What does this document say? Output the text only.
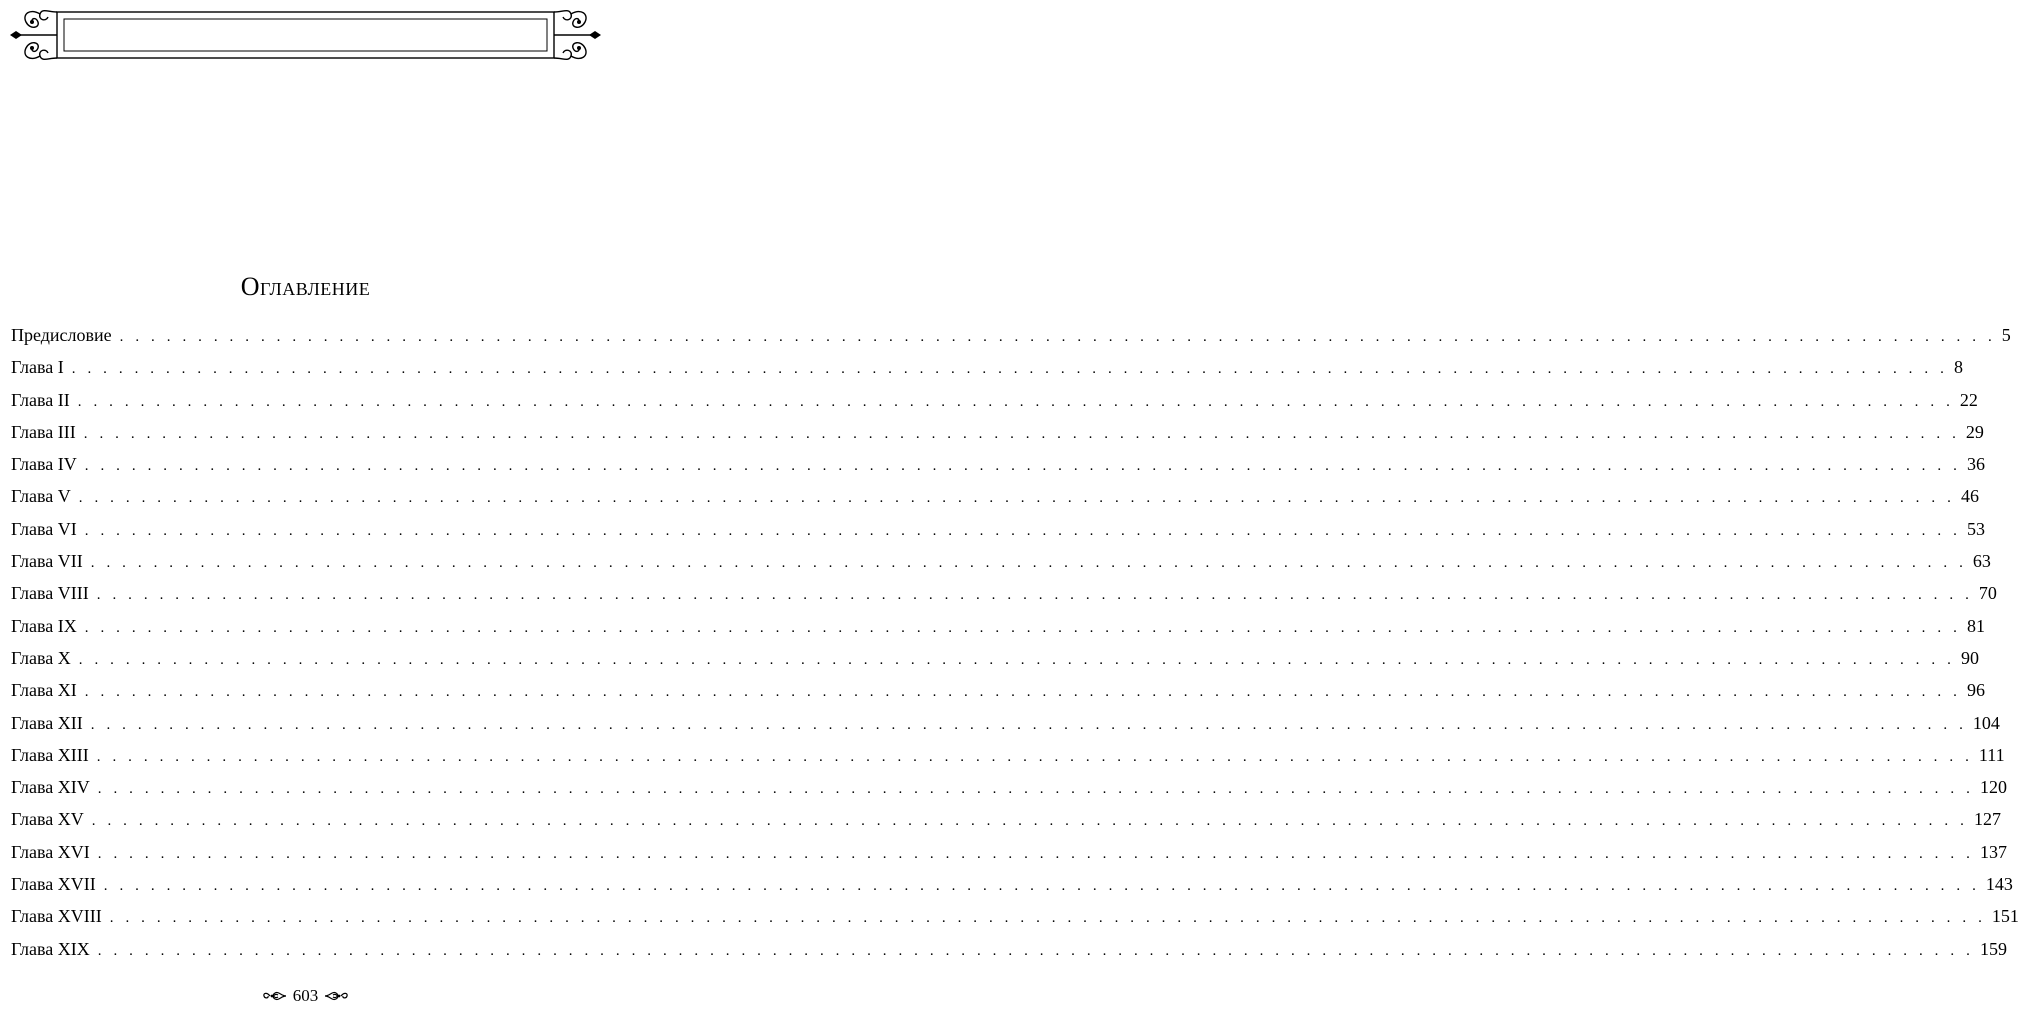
Оглавление
Предисловие . . . . . . . . . . . . . . . . . . . . . . . . . . . . . . . . . . . . . . . . . . . . . . . . . . . . . . . . . . . . . . . . . . . . . . . . . . . . . . . . . . . . . . . . . . . . . . . . . . . . . . . . . . . . . . . . . . . . . . . . 5
Глава I . . . . . . . . . . . . . . . . . . . . . . . . . . . . . . . . . . . . . . . . . . . . . . . . . . . . . . . . . . . . . . . . . . . . . . . . . . . . . . . . . . . . . . . . . . . . . . . . . . . . . . . . . . . . . . . . . . . . . . . . 8
Глава II . . . . . . . . . . . . . . . . . . . . . . . . . . . . . . . . . . . . . . . . . . . . . . . . . . . . . . . . . . . . . . . . . . . . . . . . . . . . . . . . . . . . . . . . . . . . . . . . . . . . . . . . . . . . . . . . . . . . . . . . 22
Глава III . . . . . . . . . . . . . . . . . . . . . . . . . . . . . . . . . . . . . . . . . . . . . . . . . . . . . . . . . . . . . . . . . . . . . . . . . . . . . . . . . . . . . . . . . . . . . . . . . . . . . . . . . . . . . . . . . . . . . . . . 29
Глава IV . . . . . . . . . . . . . . . . . . . . . . . . . . . . . . . . . . . . . . . . . . . . . . . . . . . . . . . . . . . . . . . . . . . . . . . . . . . . . . . . . . . . . . . . . . . . . . . . . . . . . . . . . . . . . . . . . . . . . . . . 36
Глава V . . . . . . . . . . . . . . . . . . . . . . . . . . . . . . . . . . . . . . . . . . . . . . . . . . . . . . . . . . . . . . . . . . . . . . . . . . . . . . . . . . . . . . . . . . . . . . . . . . . . . . . . . . . . . . . . . . . . . . . . 46
Глава VI . . . . . . . . . . . . . . . . . . . . . . . . . . . . . . . . . . . . . . . . . . . . . . . . . . . . . . . . . . . . . . . . . . . . . . . . . . . . . . . . . . . . . . . . . . . . . . . . . . . . . . . . . . . . . . . . . . . . . . . . 53
Глава VII . . . . . . . . . . . . . . . . . . . . . . . . . . . . . . . . . . . . . . . . . . . . . . . . . . . . . . . . . . . . . . . . . . . . . . . . . . . . . . . . . . . . . . . . . . . . . . . . . . . . . . . . . . . . . . . . . . . . . . . . 63
Глава VIII . . . . . . . . . . . . . . . . . . . . . . . . . . . . . . . . . . . . . . . . . . . . . . . . . . . . . . . . . . . . . . . . . . . . . . . . . . . . . . . . . . . . . . . . . . . . . . . . . . . . . . . . . . . . . . . . . . . . . . . . 70
Глава IX . . . . . . . . . . . . . . . . . . . . . . . . . . . . . . . . . . . . . . . . . . . . . . . . . . . . . . . . . . . . . . . . . . . . . . . . . . . . . . . . . . . . . . . . . . . . . . . . . . . . . . . . . . . . . . . . . . . . . . . . 81
Глава X . . . . . . . . . . . . . . . . . . . . . . . . . . . . . . . . . . . . . . . . . . . . . . . . . . . . . . . . . . . . . . . . . . . . . . . . . . . . . . . . . . . . . . . . . . . . . . . . . . . . . . . . . . . . . . . . . . . . . . . . 90
Глава XI . . . . . . . . . . . . . . . . . . . . . . . . . . . . . . . . . . . . . . . . . . . . . . . . . . . . . . . . . . . . . . . . . . . . . . . . . . . . . . . . . . . . . . . . . . . . . . . . . . . . . . . . . . . . . . . . . . . . . . . . 96
Глава XII . . . . . . . . . . . . . . . . . . . . . . . . . . . . . . . . . . . . . . . . . . . . . . . . . . . . . . . . . . . . . . . . . . . . . . . . . . . . . . . . . . . . . . . . . . . . . . . . . . . . . . . . . . . . . . . . . . . . . . . . 104
Глава XIII . . . . . . . . . . . . . . . . . . . . . . . . . . . . . . . . . . . . . . . . . . . . . . . . . . . . . . . . . . . . . . . . . . . . . . . . . . . . . . . . . . . . . . . . . . . . . . . . . . . . . . . . . . . . . . . . . . . . . . . . 111
Глава XIV . . . . . . . . . . . . . . . . . . . . . . . . . . . . . . . . . . . . . . . . . . . . . . . . . . . . . . . . . . . . . . . . . . . . . . . . . . . . . . . . . . . . . . . . . . . . . . . . . . . . . . . . . . . . . . . . . . . . . . . . 120
Глава XV . . . . . . . . . . . . . . . . . . . . . . . . . . . . . . . . . . . . . . . . . . . . . . . . . . . . . . . . . . . . . . . . . . . . . . . . . . . . . . . . . . . . . . . . . . . . . . . . . . . . . . . . . . . . . . . . . . . . . . . . 127
Глава XVI . . . . . . . . . . . . . . . . . . . . . . . . . . . . . . . . . . . . . . . . . . . . . . . . . . . . . . . . . . . . . . . . . . . . . . . . . . . . . . . . . . . . . . . . . . . . . . . . . . . . . . . . . . . . . . . . . . . . . . . . 137
Глава XVII . . . . . . . . . . . . . . . . . . . . . . . . . . . . . . . . . . . . . . . . . . . . . . . . . . . . . . . . . . . . . . . . . . . . . . . . . . . . . . . . . . . . . . . . . . . . . . . . . . . . . . . . . . . . . . . . . . . . . . . . 143
Глава XVIII . . . . . . . . . . . . . . . . . . . . . . . . . . . . . . . . . . . . . . . . . . . . . . . . . . . . . . . . . . . . . . . . . . . . . . . . . . . . . . . . . . . . . . . . . . . . . . . . . . . . . . . . . . . . . . . . . . . . . . . . 151
Глава XIX . . . . . . . . . . . . . . . . . . . . . . . . . . . . . . . . . . . . . . . . . . . . . . . . . . . . . . . . . . . . . . . . . . . . . . . . . . . . . . . . . . . . . . . . . . . . . . . . . . . . . . . . . . . . . . . . . . . . . . . . 159
603
